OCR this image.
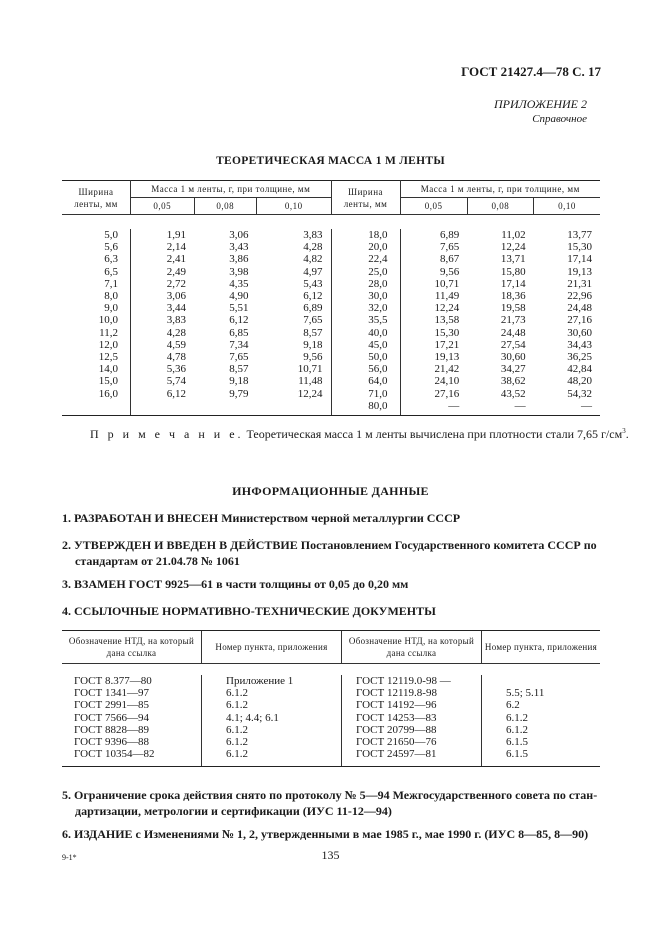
ГОСТ 21427.4—78 С. 17
ПРИЛОЖЕНИЕ 2
Справочное
ТЕОРЕТИЧЕСКАЯ МАССА 1 М ЛЕНТЫ
Ширина ленты, мм	Масса 1 м ленты, г, при толщине, мм			Ширина ленты, мм	Масса 1 м ленты, г, при толщине, мм		
	0,05	0,08	0,10		0,05	0,08	0,10

5,0	1,91	3,06	3,83	18,0	6,89	11,02	13,77
5,6	2,14	3,43	4,28	20,0	7,65	12,24	15,30
6,3	2,41	3,86	4,82	22,4	8,67	13,71	17,14
6,5	2,49	3,98	4,97	25,0	9,56	15,80	19,13
7,1	2,72	4,35	5,43	28,0	10,71	17,14	21,31
8,0	3,06	4,90	6,12	30,0	11,49	18,36	22,96
9,0	3,44	5,51	6,89	32,0	12,24	19,58	24,48
10,0	3,83	6,12	7,65	35,5	13,58	21,73	27,16
11,2	4,28	6,85	8,57	40,0	15,30	24,48	30,60
12,0	4,59	7,34	9,18	45,0	17,21	27,54	34,43
12,5	4,78	7,65	9,56	50,0	19,13	30,60	36,25
14,0	5,36	8,57	10,71	56,0	21,42	34,27	42,84
15,0	5,74	9,18	11,48	64,0	24,10	38,62	48,20
16,0	6,12	9,79	12,24	71,0	27,16	43,52	54,32
				80,0	—	—	—
П р и м е ч а н и е. Теоретическая масса 1 м ленты вычислена при плотности стали 7,65 $г/см^3$.
ИНФОРМАЦИОННЫЕ ДАННЫЕ
1. РАЗРАБОТАН И ВНЕСЕН Министерством черной металлургии СССР
2. УТВЕРЖДЕН И ВВЕДЕН В ДЕЙСТВИЕ Постановлением Государственного комитета СССР по
стандартам от 21.04.78 № 1061
3. ВЗАМЕН ГОСТ 9925—61 в части толщины от 0,05 до 0,20 мм
4. ССЫЛОЧНЫЕ НОРМАТИВНО-ТЕХНИЧЕСКИЕ ДОКУМЕНТЫ
Обозначение НТД, на который дана ссылка	Номер пункта, приложения	Обозначение НТД, на который дана ссылка	Номер пункта, приложения

ГОСТ 8.377—80	Приложение 1	ГОСТ 12119.0-98 —	
ГОСТ 1341—97	6.1.2	ГОСТ 12119.8-98	5.5; 5.11
ГОСТ 2991—85	6.1.2	ГОСТ 14192—96	6.2
ГОСТ 7566—94	4.1; 4.4; 6.1	ГОСТ 14253—83	6.1.2
ГОСТ 8828—89	6.1.2	ГОСТ 20799—88	6.1.2
ГОСТ 9396—88	6.1.2	ГОСТ 21650—76	6.1.5
ГОСТ 10354—82	6.1.2	ГОСТ 24597—81	6.1.5
5. Ограничение срока действия снято по протоколу № 5—94 Межгосударственного совета по стан-
дартизации, метрологии и сертификации (ИУС 11-12—94)
6. ИЗДАНИЕ с Изменениями № 1, 2, утвержденными в мае 1985 г., мае 1990 г. (ИУС 8—85, 8—90)
9-1*	135
